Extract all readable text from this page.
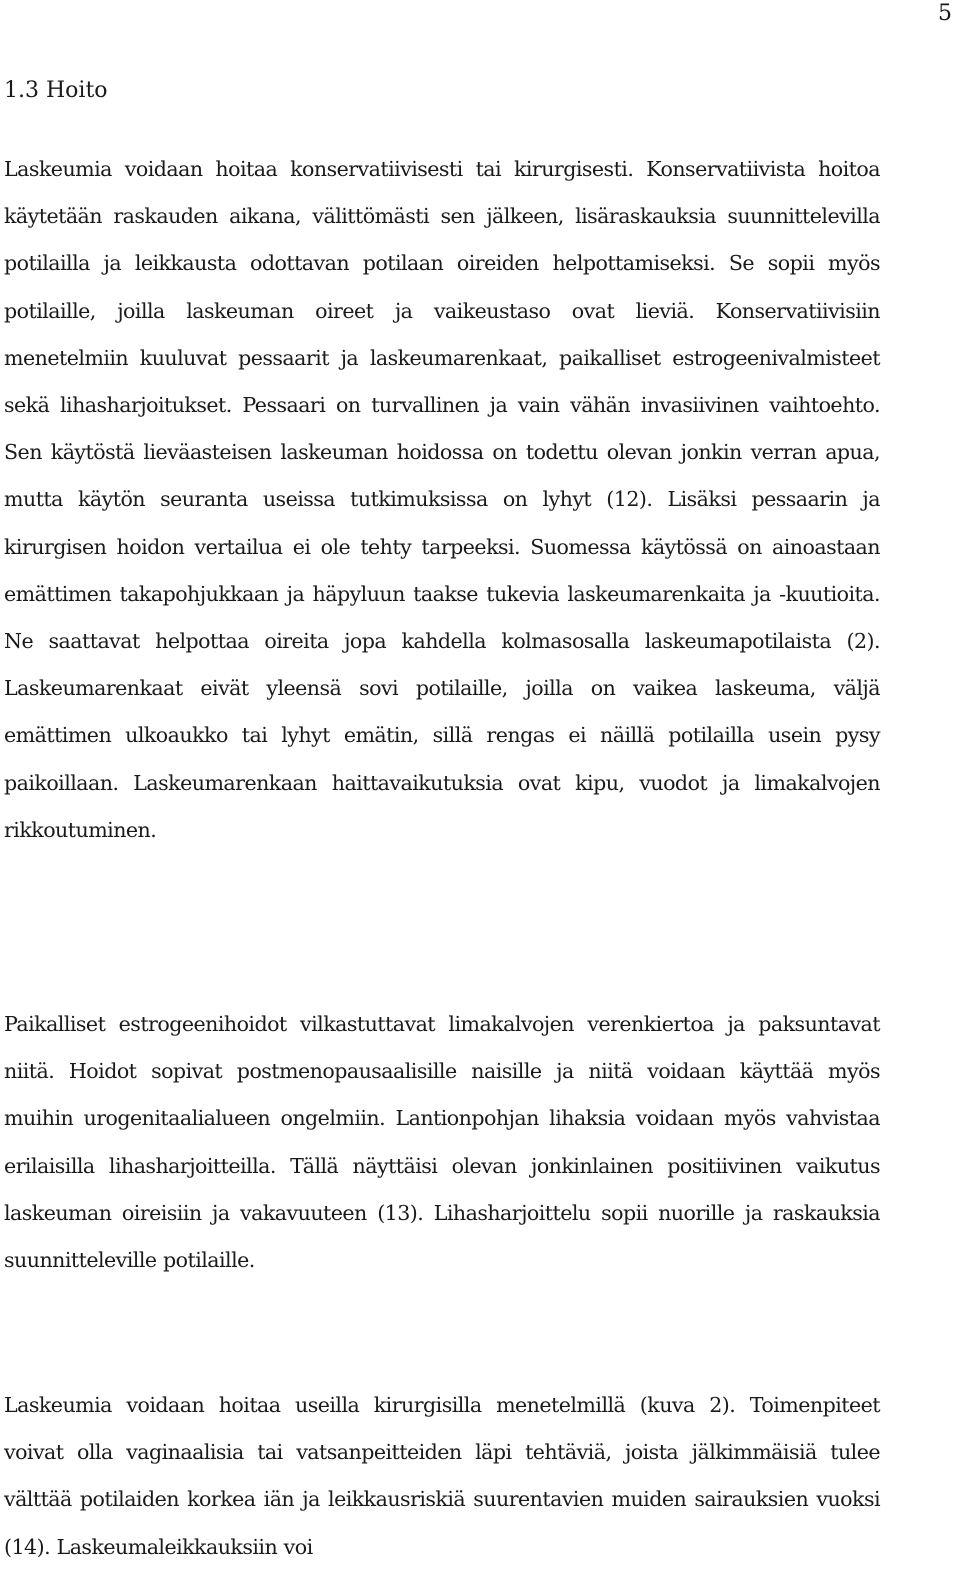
5
1.3 Hoito

Laskeumia voidaan hoitaa konservatiivisesti tai kirurgisesti. Konservatiivista hoitoa käytetään raskauden aikana, välittömästi sen jälkeen, lisäraskauksia suunnittelevilla potilailla ja leikkausta odottavan potilaan oireiden helpottamiseksi. Se sopii myös potilaille, joilla laskeuman oireet ja vaikeustaso ovat lieviä. Konservatiivisiin menetelmiin kuuluvat pessaarit ja laskeumarenkaat, paikalliset estrogeenivalmisteet sekä lihasharjoitukset. Pessaari on turvallinen ja vain vähän invasiivinen vaihtoehto. Sen käytöstä lieväasteisen laskeuman hoidossa on todettu olevan jonkin verran apua, mutta käytön seuranta useissa tutkimuksissa on lyhyt (12). Lisäksi pessaarin ja kirurgisen hoidon vertailua ei ole tehty tarpeeksi. Suomessa käytössä on ainoastaan emättimen takapohjukkaan ja häpyluun taakse tukevia laskeumarenkaita ja -kuutioita. Ne saattavat helpottaa oireita jopa kahdella kolmasosalla laskeumapotilaista (2). Laskeumarenkaat eivät yleensä sovi potilaille, joilla on vaikea laskeuma, väljä emättimen ulkoaukko tai lyhyt emätin, sillä rengas ei näillä potilailla usein pysy paikoillaan. Laskeumarenkaan haittavaikutuksia ovat kipu, vuodot ja limakalvojen rikkoutuminen.

Paikalliset estrogeenihoidot vilkastuttavat limakalvojen verenkiertoa ja paksuntavat niitä. Hoidot sopivat postmenopausaalisille naisille ja niitä voidaan käyttää myös muihin urogenitaalialueen ongelmiin. Lantionpohjan lihaksia voidaan myös vahvistaa erilaisilla lihasharjoitteilla. Tällä näyttäisi olevan jonkinlainen positiivinen vaikutus laskeuman oireisiin ja vakavuuteen (13). Lihasharjoittelu sopii nuorille ja raskauksia suunnitteleville potilaille.

Laskeumia voidaan hoitaa useilla kirurgisilla menetelmillä (kuva 2). Toimenpiteet voivat olla vaginaalisia tai vatsanpeitteiden läpi tehtäviä, joista jälkimmäisiä tulee välttää potilaiden korkea iän ja leikkausriskiä suurentavien muiden sairauksien vuoksi (14). Laskeumaleikkauksiin voi
